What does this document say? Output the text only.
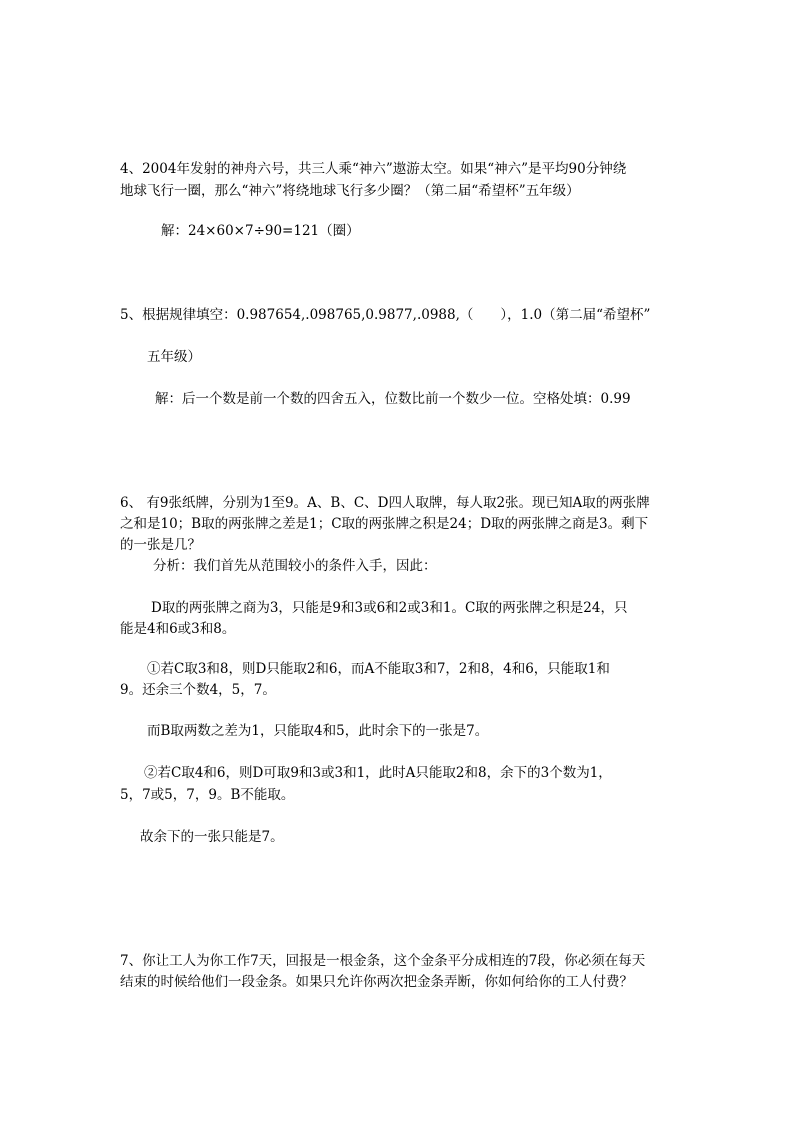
4、2004年发射的神舟六号，共三人乘“神六”遨游太空。如果“神六”是平均90分钟绕
地球飞行一圈，那么“神六”将绕地球飞行多少圈？（第二届“希望杯”五年级）
解：24×60×7÷90=121（圈）
5、根据规律填空：0.987654,.098765,0.9877,.0988,（　　），1.0（第二届“希望杯”
五年级）
解：后一个数是前一个数的四舍五入，位数比前一个数少一位。空格处填：0.99
6、 有9张纸牌，分别为1至9。A、B、C、D四人取牌，每人取2张。现已知A取的两张牌
之和是10；B取的两张牌之差是1；C取的两张牌之积是24；D取的两张牌之商是3。剩下
的一张是几？
分析：我们首先从范围较小的条件入手，因此：
D取的两张牌之商为3，只能是9和3或6和2或3和1。C取的两张牌之积是24，只
能是4和6或3和8。
①若C取3和8，则D只能取2和6，而A不能取3和7，2和8，4和6，只能取1和
9。还余三个数4，5，7。
而B取两数之差为1，只能取4和5，此时余下的一张是7。
②若C取4和6，则D可取9和3或3和1，此时A只能取2和8，余下的3个数为1，
5，7或5，7，9。B不能取。
故余下的一张只能是7。
7、你让工人为你工作7天，回报是一根金条，这个金条平分成相连的7段，你必须在每天
结束的时候给他们一段金条。如果只允许你两次把金条弄断，你如何给你的工人付费？
